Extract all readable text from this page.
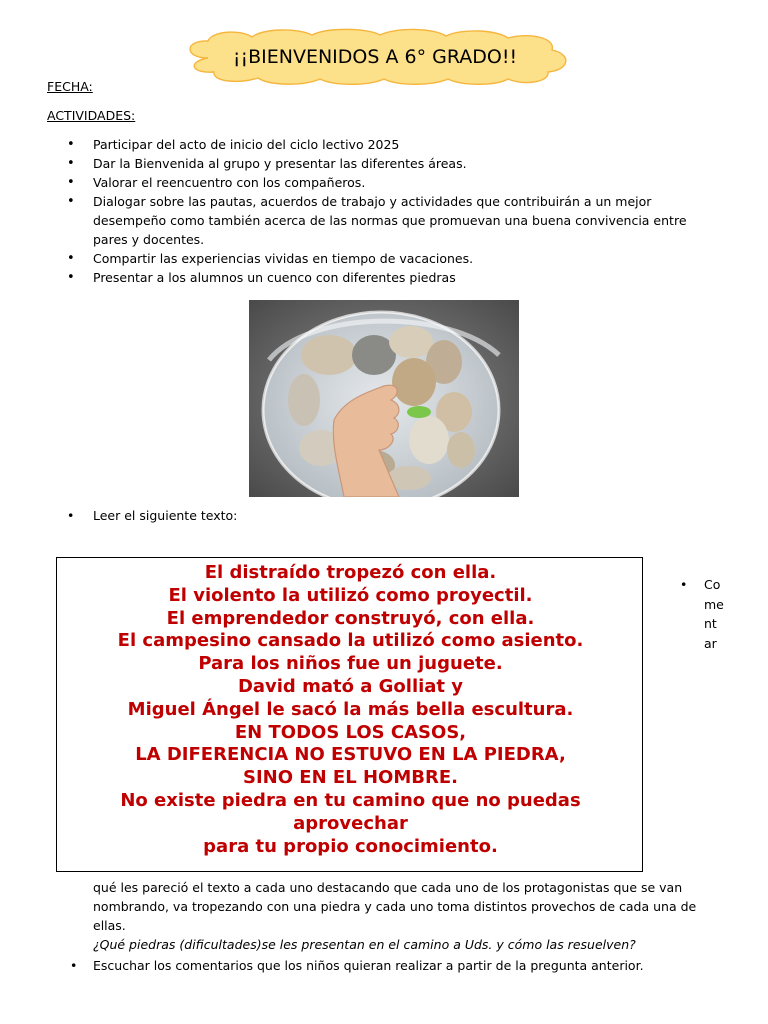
¡¡BIENVENIDOS A 6° GRADO!!
FECHA:
ACTIVIDADES:
• Participar del acto de inicio del ciclo lectivo 2025
• Dar la Bienvenida al grupo y presentar las diferentes áreas.
• Valorar el reencuentro con los compañeros.
• Dialogar sobre las pautas, acuerdos de trabajo y actividades que contribuirán a un mejor desempeño como también acerca de las normas que promuevan una buena convivencia entre pares y docentes.
• Compartir las experiencias vividas en tiempo de vacaciones.
• Presentar a los alumnos un cuenco con diferentes piedras
• Leer el siguiente texto:
El distraído tropezó con ella.
El violento la utilizó como proyectil.
El emprendedor construyó, con ella.
El campesino cansado la utilizó como asiento.
Para los niños fue un juguete.
David mató a Golliat y
Miguel Ángel le sacó la más bella escultura.
EN TODOS LOS CASOS,
LA DIFERENCIA NO ESTUVO EN LA PIEDRA,
SINO EN EL HOMBRE.
No existe piedra en tu camino que no puedas
aprovechar
para tu propio conocimiento.
• Comentar
qué les pareció el texto a cada uno destacando que cada uno de los protagonistas que se van nombrando, va tropezando con una piedra y cada uno toma distintos provechos de cada una de ellas.
¿Qué piedras (dificultades)se les presentan en el camino a Uds. y cómo las resuelven?
• Escuchar los comentarios que los niños quieran realizar a partir de la pregunta anterior.
